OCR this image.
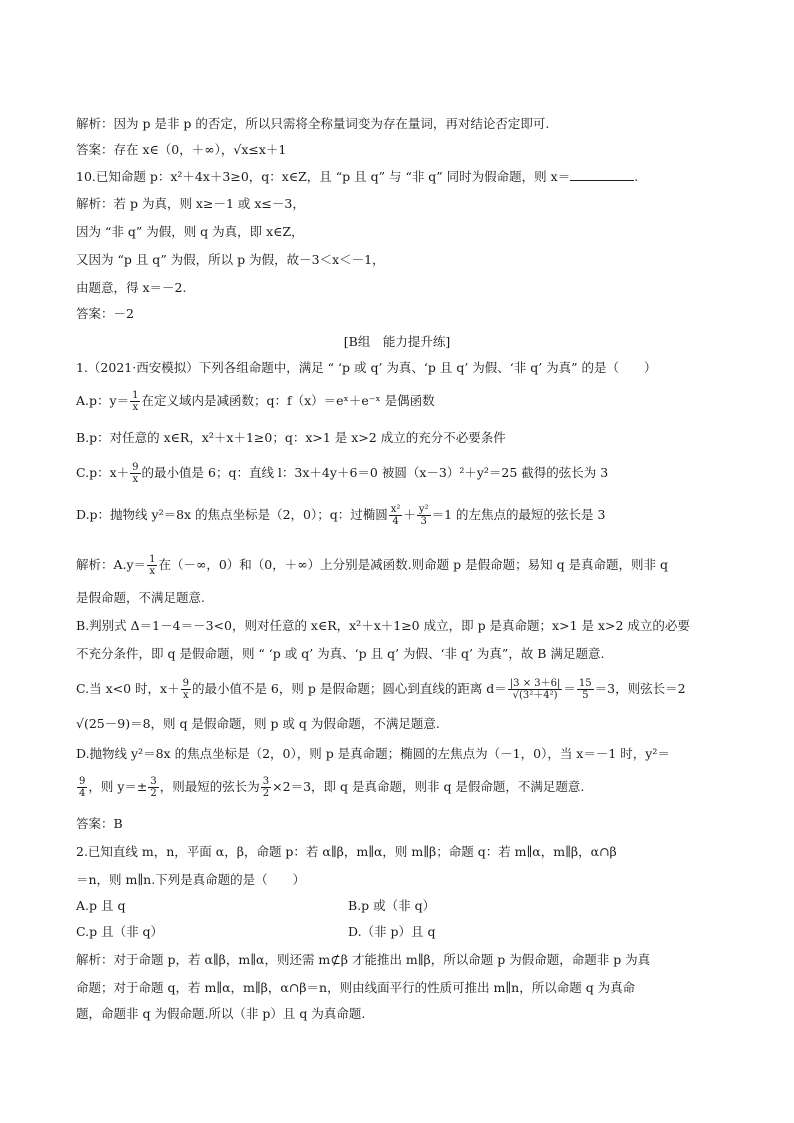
解析：因为 p 是非 p 的否定，所以只需将全称量词变为存在量词，再对结论否定即可.
答案：存在 x∈（0，＋∞），√x≤x＋1
10.已知命题 p：x²＋4x＋3≥0，q：x∈Z，且 “p 且 q” 与 “非 q” 同时为假命题，则 x＝	.
解析：若 p 为真，则 x≥－1 或 x≤－3，
因为 “非 q” 为假，则 q 为真，即 x∈Z，
又因为 “p 且 q” 为假，所以 p 为假，故－3＜x＜－1，
由题意，得 x＝－2.
答案：－2
[B组　能力提升练]
1.（2021·西安模拟）下列各组命题中，满足 “ ‘p 或 q’ 为真、‘p 且 q’ 为假、‘非 q’ 为真” 的是（　　）
A.p：$y= \frac{1}{x}$ 在定义域内是减函数；q：f（x）＝eˣ＋e⁻ˣ 是偶函数
B.p：对任意的 x∈R，x²＋x＋1≥0；q：x>1 是 x>2 成立的充分不必要条件
C.p：$x+ \frac{9}{x}$ 的最小值是 6；q：直线 l：3x＋4y＋6＝0 被圆（x－3）²＋y²＝25 截得的弦长为 3
D.p：抛物线 y²＝8x 的焦点坐标是（2，0）；q：过椭圆 $\frac{\text{x²}}{4} + \frac{\text{y²}}{3} =1$ 的左焦点的最短的弦长是 3
解析：$A.y= \frac{1}{x}$ 在（－∞，0）和（0，＋∞）上分别是减函数.则命题 p 是假命题；易知 q 是真命题，则非 q
是假命题，不满足题意.
B.判别式 Δ＝1－4＝－3<0，则对任意的 x∈R，x²＋x＋1≥0 成立，即 p 是真命题；x>1 是 x>2 成立的必要
不充分条件，即 q 是假命题，则 “ ‘p 或 q’ 为真、‘p 且 q’ 为假、‘非 q’ 为真”，故 B 满足题意.
C.当 x<0 时，$x+ \frac{9}{x}$ 的最小值不是 6，则 p 是假命题；圆心到直线的距离 $d= \frac{|3 \times 3+6|}{\text{√(3²＋4²)}} = \frac{15}{5} =3$，则弦长＝2
√(25－9)＝8，则 q 是假命题，则 p 或 q 为假命题，不满足题意.
D.抛物线 y²＝8x 的焦点坐标是（2，0），则 p 是真命题；椭圆的左焦点为（－1，0），当 x＝－1 时，y²＝
$\frac{9}{4}$ ，则 $y=\pm \frac{3}{2}$ ，则最短的弦长为 $\frac{3}{2} \times 2=3$，即 q 是真命题，则非 q 是假命题，不满足题意.
答案：B
2.已知直线 m，n，平面 α，β，命题 p：若 α∥β，m∥α，则 m∥β；命题 q：若 m∥α，m∥β，α∩β
＝n，则 m∥n.下列是真命题的是（　　）
A.p 且 q	B.p 或（非 q）
C.p 且（非 q）	D.（非 p）且 q
解析：对于命题 p，若 α∥β，m∥α，则还需 m⊄β 才能推出 m∥β，所以命题 p 为假命题，命题非 p 为真
命题；对于命题 q，若 m∥α，m∥β，α∩β＝n，则由线面平行的性质可推出 m∥n，所以命题 q 为真命
题，命题非 q 为假命题.所以（非 p）且 q 为真命题.
